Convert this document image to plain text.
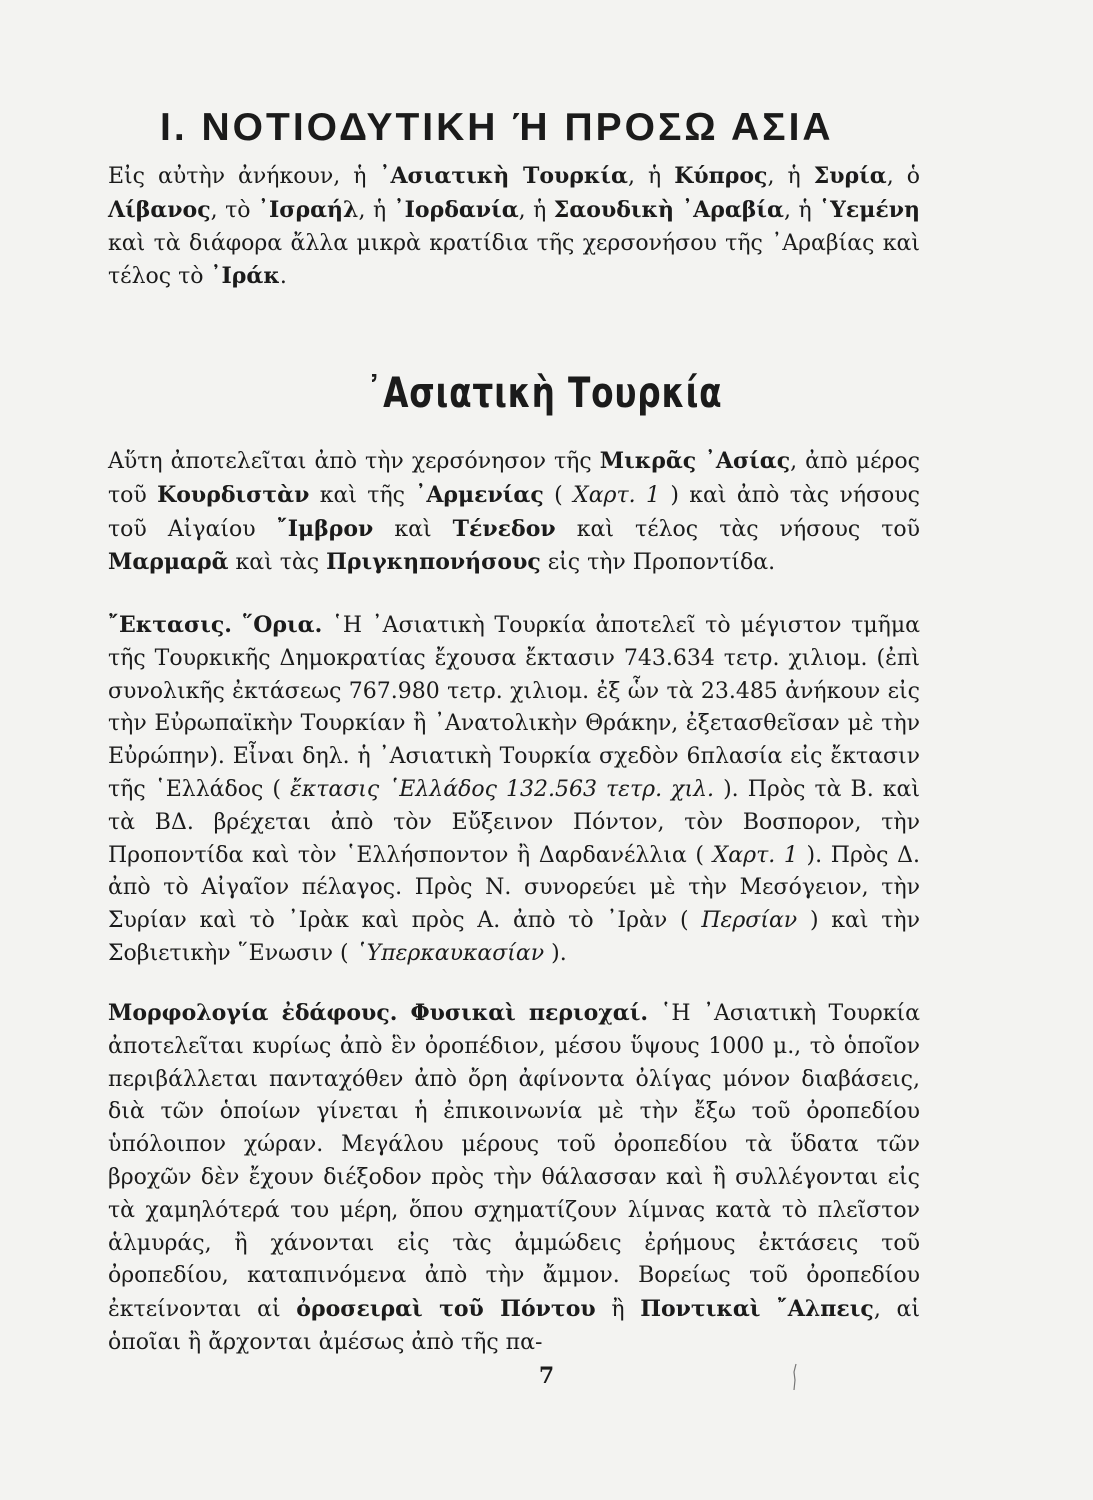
I. ΝΟΤΙΟΔΥΤΙΚΗ Ή ΠΡΟΣΩ ΑΣΙΑ

Εἰς αὐτὴν ἀνήκουν, ἡ ᾿Ασιατικὴ Τουρκία, ἡ Κύπρος, ἡ Συρία, ὁ Λίβανος, τὸ ᾿Ισραήλ, ἡ ᾿Ιορδανία, ἡ Σαουδικὴ ᾿Αραβία, ἡ ῾Υεμένη καὶ τὰ διάφορα ἄλλα μικρὰ κρατίδια τῆς χερσονήσου τῆς ᾿Αραβίας καὶ τέλος τὸ ᾿Ιράκ.

᾿Ασιατικὴ Τουρκία

Αὕτη ἀποτελεῖται ἀπὸ τὴν χερσόνησον τῆς Μικρᾶς ᾿Ασίας, ἀπὸ μέρος τοῦ Κουρδιστὰν καὶ τῆς ᾿Αρμενίας ( Χαρτ. 1 ) καὶ ἀπὸ τὰς νήσους τοῦ Αἰγαίου ῎Ιμβρον καὶ Τένεδον καὶ τέλος τὰς νήσους τοῦ Μαρμαρᾶ καὶ τὰς Πριγκηπονήσους εἰς τὴν Προποντίδα.

῎Εκτασις. ῞Ορια. ῾Η ᾿Ασιατικὴ Τουρκία ἀποτελεῖ τὸ μέγιστον τμῆμα τῆς Τουρκικῆς Δημοκρατίας ἔχουσα ἔκτασιν 743.634 τετρ. χιλιομ. (ἐπὶ συνολικῆς ἐκτάσεως 767.980 τετρ. χιλιομ. ἐξ ὧν τὰ 23.485 ἀνήκουν εἰς τὴν Εὐρωπαϊκὴν Τουρκίαν ἢ ᾿Ανατολικὴν Θράκην, ἐξετασθεῖσαν μὲ τὴν Εὐρώπην). Εἶναι δηλ. ἡ ᾿Ασιατικὴ Τουρκία σχεδὸν 6πλασία εἰς ἔκτασιν τῆς ῾Ελλάδος ( ἔκτασις ῾Ελλάδος 132.563 τετρ. χιλ. ). Πρὸς τὰ Β. καὶ τὰ ΒΔ. βρέχεται ἀπὸ τὸν Εὔξεινον Πόντον, τὸν Βοσπορον, τὴν Προποντίδα καὶ τὸν ῾Ελλήσποντον ἢ Δαρδανέλλια ( Χαρτ. 1 ). Πρὸς Δ. ἀπὸ τὸ Αἰγαῖον πέλαγος. Πρὸς Ν. συνορεύει μὲ τὴν Μεσόγειον, τὴν Συρίαν καὶ τὸ ᾿Ιρὰκ καὶ πρὸς Α. ἀπὸ τὸ ᾿Ιρὰν ( Περσίαν ) καὶ τὴν Σοβιετικὴν ῞Ενωσιν ( ῾Υπερκαυκασίαν ).

Μορφολογία ἐδάφους. Φυσικαὶ περιοχαί. ῾Η ᾿Ασιατικὴ Τουρκία ἀποτελεῖται κυρίως ἀπὸ ἓν ὀροπέδιον, μέσου ὕψους 1000 μ., τὸ ὁποῖον περιβάλλεται πανταχόθεν ἀπὸ ὄρη ἀφίνοντα ὀλίγας μόνον διαβάσεις, διὰ τῶν ὁποίων γίνεται ἡ ἐπικοινωνία μὲ τὴν ἔξω τοῦ ὀροπεδίου ὑπόλοιπον χώραν. Μεγάλου μέρους τοῦ ὀροπεδίου τὰ ὕδατα τῶν βροχῶν δὲν ἔχουν διέξοδον πρὸς τὴν θάλασσαν καὶ ἢ συλλέγονται εἰς τὰ χαμηλότερά του μέρη, ὅπου σχηματίζουν λίμνας κατὰ τὸ πλεῖστον ἁλμυράς, ἢ χάνονται εἰς τὰς ἀμμώδεις ἐρήμους ἐκτάσεις τοῦ ὀροπεδίου, καταπινόμενα ἀπὸ τὴν ἄμμον. Βορείως τοῦ ὀροπεδίου ἐκτείνονται αἱ ὀροσειραὶ τοῦ Πόντου ἢ Ποντικαὶ ῎Αλπεις, αἱ ὁποῖαι ἢ ἄρχονται ἀμέσως ἀπὸ τῆς πα-

7
